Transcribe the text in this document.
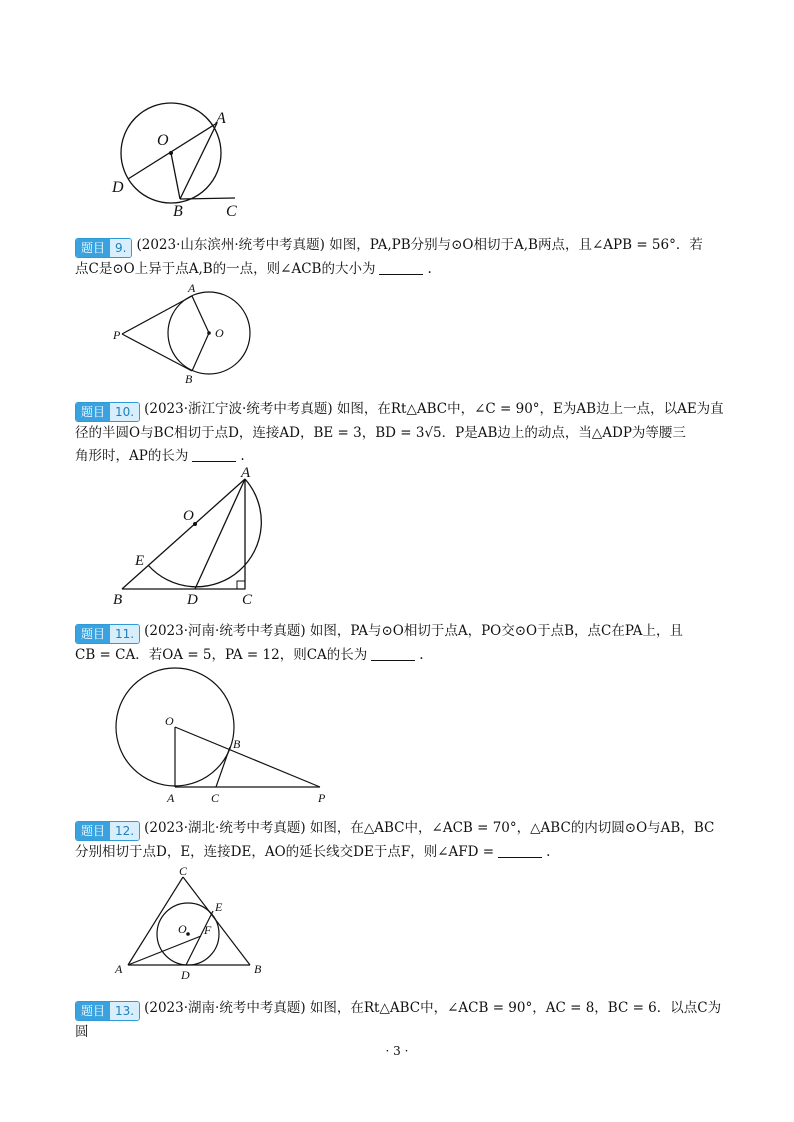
O
A
D
B	C
题目 9. (2023·山东滨州·统考中考真题) 如图，PA,PB分别与⊙O相切于A,B两点，且∠APB = 56°．若
点C是⊙O上异于点A,B的一点，则∠ACB的大小为	.
A
P	O
B
题目 10. (2023·浙江宁波·统考中考真题) 如图，在Rt△ABC中，∠C = 90°，E为AB边上一点，以AE为直
径的半圆O与BC相切于点D，连接AD，BE = 3，BD = 3√5．P是AB边上的动点，当△ADP为等腰三
角形时，AP的长为	.
A
O
E
B	D	C
题目 11. (2023·河南·统考中考真题) 如图，PA与⊙O相切于点A，PO交⊙O于点B，点C在PA上，且
CB = CA．若OA = 5，PA = 12，则CA的长为	.
O
B
A	C	P
题目 12. (2023·湖北·统考中考真题) 如图，在△ABC中，∠ACB = 70°，△ABC的内切圆⊙O与AB，BC
分别相切于点D，E，连接DE，AO的延长线交DE于点F，则∠AFD =	.
C
E
O F
A	D	B
题目 13. (2023·湖南·统考中考真题) 如图，在Rt△ABC中，∠ACB = 90°，AC = 8，BC = 6．以点C为圆
· 3 ·
